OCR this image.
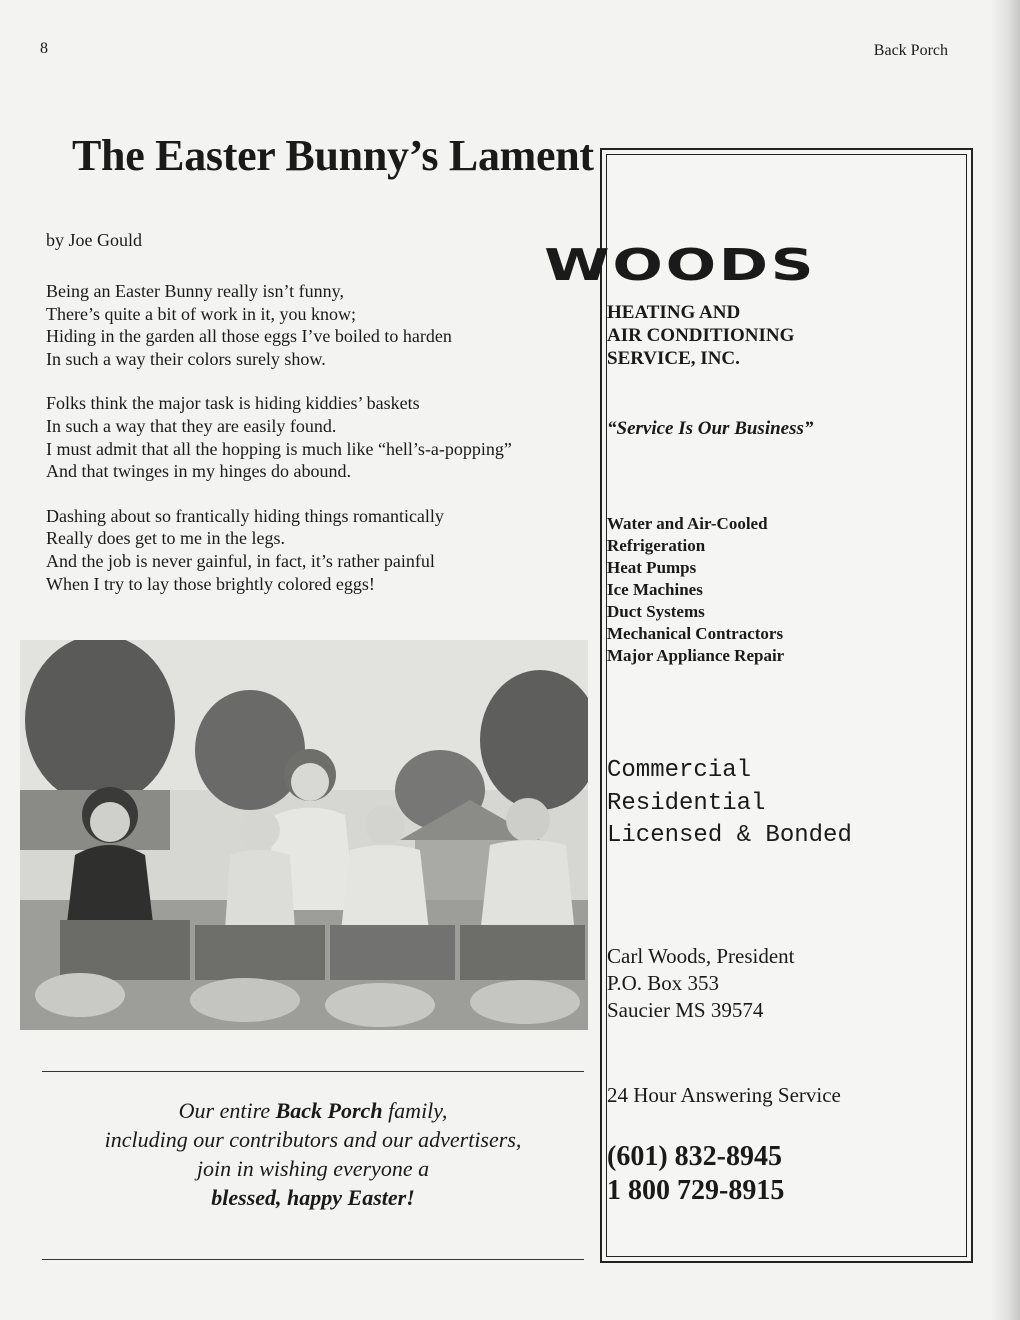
8	Back Porch
The Easter Bunny’s Lament

by Joe Gould

Being an Easter Bunny really isn’t funny,
There’s quite a bit of work in it, you know;
Hiding in the garden all those eggs I’ve boiled to harden
In such a way their colors surely show.

Folks think the major task is hiding kiddies’ baskets
In such a way that they are easily found.
I must admit that all the hopping is much like “hell’s-a-popping”
And that twinges in my hinges do abound.

Dashing about so frantically hiding things romantically
Really does get to me in the legs.
And the job is never gainful, in fact, it’s rather painful
When I try to lay those brightly colored eggs!

Our entire Back Porch family,
including our contributors and our advertisers,
join in wishing everyone a
blessed, happy Easter!
WOODS
HEATING AND
AIR CONDITIONING
SERVICE, INC.
“Service Is Our Business”
Water and Air-Cooled
Refrigeration
Heat Pumps
Ice Machines
Duct Systems
Mechanical Contractors
Major Appliance Repair
Commercial
Residential
Licensed & Bonded
Carl Woods, President
P.O. Box 353
Saucier MS 39574
24 Hour Answering Service
(601) 832-8945
1 800 729-8915
